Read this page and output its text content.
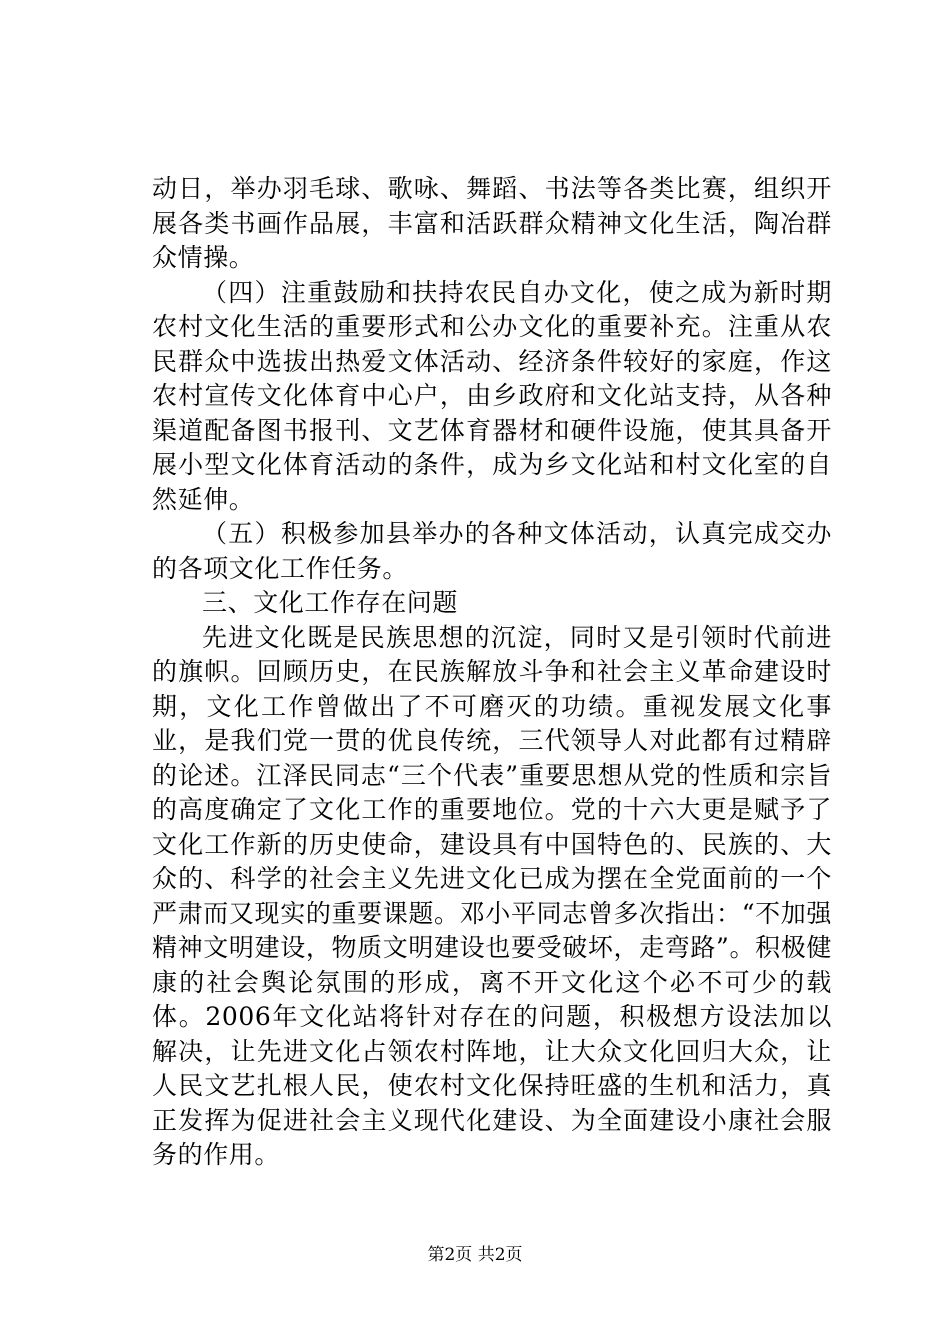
动日，举办羽毛球、歌咏、舞蹈、书法等各类比赛，组织开展各类书画作品展，丰富和活跃群众精神文化生活，陶冶群众情操。

（四）注重鼓励和扶持农民自办文化，使之成为新时期农村文化生活的重要形式和公办文化的重要补充。注重从农民群众中选拔出热爱文体活动、经济条件较好的家庭，作这农村宣传文化体育中心户，由乡政府和文化站支持，从各种渠道配备图书报刊、文艺体育器材和硬件设施，使其具备开展小型文化体育活动的条件，成为乡文化站和村文化室的自然延伸。

（五）积极参加县举办的各种文体活动，认真完成交办的各项文化工作任务。

三、文化工作存在问题

先进文化既是民族思想的沉淀，同时又是引领时代前进的旗帜。回顾历史，在民族解放斗争和社会主义革命建设时期，文化工作曾做出了不可磨灭的功绩。重视发展文化事业，是我们党一贯的优良传统，三代领导人对此都有过精辟的论述。江泽民同志“三个代表”重要思想从党的性质和宗旨的高度确定了文化工作的重要地位。党的十六大更是赋予了文化工作新的历史使命，建设具有中国特色的、民族的、大众的、科学的社会主义先进文化已成为摆在全党面前的一个严肃而又现实的重要课题。邓小平同志曾多次指出：“不加强精神文明建设，物质文明建设也要受破坏，走弯路”。积极健康的社会舆论氛围的形成，离不开文化这个必不可少的载体。2006年文化站将针对存在的问题，积极想方设法加以解决，让先进文化占领农村阵地，让大众文化回归大众，让人民文艺扎根人民，使农村文化保持旺盛的生机和活力，真正发挥为促进社会主义现代化建设、为全面建设小康社会服务的作用。

第2页 共2页
